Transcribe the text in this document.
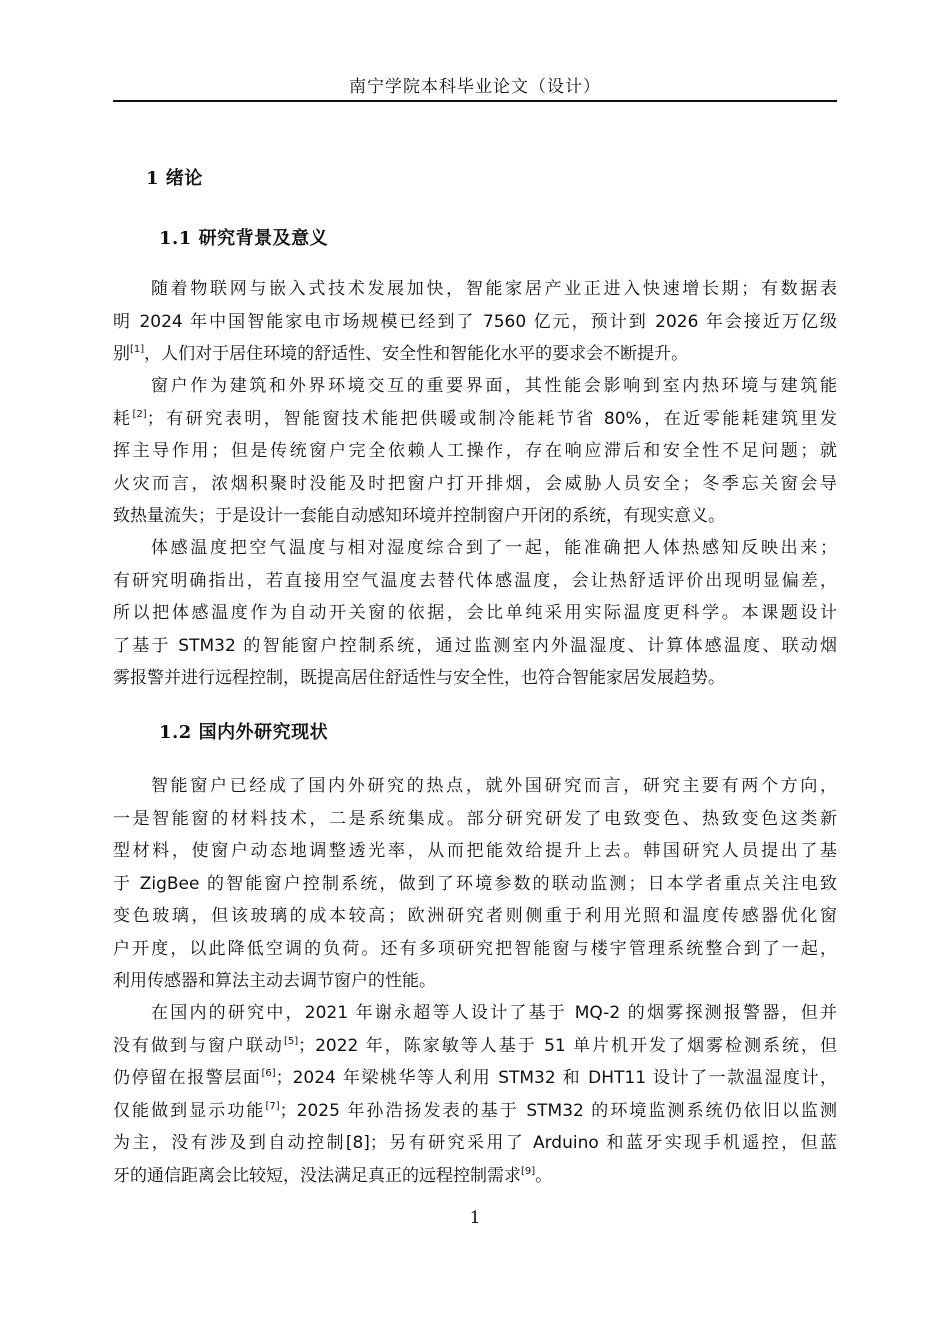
南宁学院本科毕业论文（设计）
1 绪论
1.1 研究背景及意义
随着物联网与嵌入式技术发展加快，智能家居产业正进入快速增长期；有数据表
明 2024 年中国智能家电市场规模已经到了 7560 亿元，预计到 2026 年会接近万亿级
别[1]，人们对于居住环境的舒适性、安全性和智能化水平的要求会不断提升。
窗户作为建筑和外界环境交互的重要界面，其性能会影响到室内热环境与建筑能
耗[2]；有研究表明，智能窗技术能把供暖或制冷能耗节省 80%，在近零能耗建筑里发
挥主导作用；但是传统窗户完全依赖人工操作，存在响应滞后和安全性不足问题；就
火灾而言，浓烟积聚时没能及时把窗户打开排烟，会威胁人员安全；冬季忘关窗会导
致热量流失；于是设计一套能自动感知环境并控制窗户开闭的系统，有现实意义。
体感温度把空气温度与相对湿度综合到了一起，能准确把人体热感知反映出来；
有研究明确指出，若直接用空气温度去替代体感温度，会让热舒适评价出现明显偏差，
所以把体感温度作为自动开关窗的依据，会比单纯采用实际温度更科学。本课题设计
了基于 STM32 的智能窗户控制系统，通过监测室内外温湿度、计算体感温度、联动烟
雾报警并进行远程控制，既提高居住舒适性与安全性，也符合智能家居发展趋势。
1.2 国内外研究现状
智能窗户已经成了国内外研究的热点，就外国研究而言，研究主要有两个方向，
一是智能窗的材料技术，二是系统集成。部分研究研发了电致变色、热致变色这类新
型材料，使窗户动态地调整透光率，从而把能效给提升上去。韩国研究人员提出了基
于 ZigBee 的智能窗户控制系统，做到了环境参数的联动监测；日本学者重点关注电致
变色玻璃，但该玻璃的成本较高；欧洲研究者则侧重于利用光照和温度传感器优化窗
户开度，以此降低空调的负荷。还有多项研究把智能窗与楼宇管理系统整合到了一起，
利用传感器和算法主动去调节窗户的性能。
在国内的研究中，2021 年谢永超等人设计了基于 MQ-2 的烟雾探测报警器，但并
没有做到与窗户联动[5]；2022 年，陈家敏等人基于 51 单片机开发了烟雾检测系统，但
仍停留在报警层面[6]；2024 年梁桃华等人利用 STM32 和 DHT11 设计了一款温湿度计，
仅能做到显示功能[7]；2025 年孙浩扬发表的基于 STM32 的环境监测系统仍依旧以监测
为主，没有涉及到自动控制[8]；另有研究采用了 Arduino 和蓝牙实现手机遥控，但蓝
牙的通信距离会比较短，没法满足真正的远程控制需求[9]。
1
